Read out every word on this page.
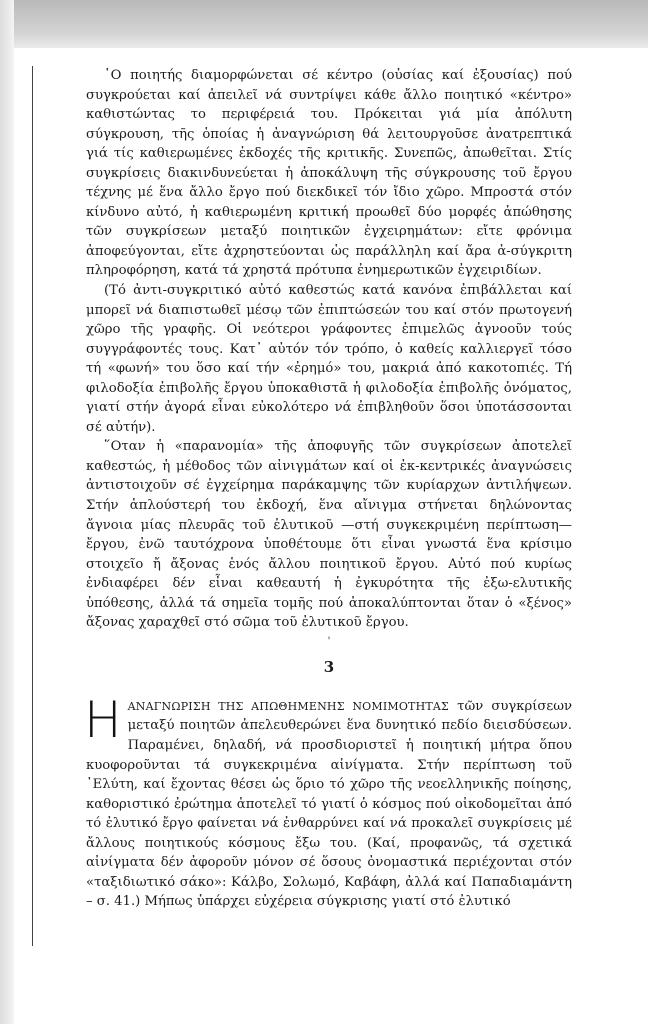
῾Ο ποιητής διαμορφώνεται σέ κέντρο (οὐσίας καί ἐξουσίας) πού συγκρούεται καί ἀπειλεῖ νά συντρίψει κάθε ἄλλο ποιητικό «κέντρο» καθιστώντας το περιφέρειά του. Πρόκειται γιά μία ἀπόλυτη σύγκρουση, τῆς ὁποίας ἡ ἀναγνώριση θά λειτουργοῦσε ἀνατρεπτικά γιά τίς καθιερωμένες ἐκδοχές τῆς κριτικῆς. Συνεπῶς, ἀπωθεῖται. Στίς συγκρίσεις διακινδυνεύεται ἡ ἀποκάλυψη τῆς σύγκρουσης τοῦ ἔργου τέχνης μέ ἕνα ἄλλο ἔργο πού διεκδικεῖ τόν ἴδιο χῶρο. Μπροστά στόν κίνδυνο αὐτό, ἡ καθιερωμένη κριτική προωθεῖ δύο μορφές ἀπώθησης τῶν συγκρίσεων μεταξύ ποιητικῶν ἐγχειρημάτων: εἴτε φρόνιμα ἀποφεύγονται, εἴτε ἀχρηστεύονται ὡς παράλληλη καί ἄρα ἀ-σύγκριτη πληροφόρηση, κατά τά χρηστά πρότυπα ἐνημερωτικῶν ἐγχειριδίων.

(Τό ἀντι-συγκριτικό αὐτό καθεστώς κατά κανόνα ἐπιβάλλεται καί μπορεῖ νά διαπιστωθεῖ μέσῳ τῶν ἐπιπτώσεών του καί στόν πρωτογενή χῶρο τῆς γραφῆς. Οἱ νεότεροι γράφοντες ἐπιμελῶς ἀγνοοῦν τούς συγγράφοντές τους. Κατ᾽ αὐτόν τόν τρόπο, ὁ καθείς καλλιεργεῖ τόσο τή «φωνή» του ὅσο καί τήν «ἐρημό» του, μακριά ἀπό κακοτοπιές. Τή φιλοδοξία ἐπιβολῆς ἔργου ὑποκαθιστᾶ ἡ φιλοδοξία ἐπιβολῆς ὀνόματος, γιατί στήν ἀγορά εἶναι εὐκολότερο νά ἐπιβληθοῦν ὅσοι ὑποτάσσονται σέ αὐτήν).

῞Οταν ἡ «παρανομία» τῆς ἀποφυγῆς τῶν συγκρίσεων ἀποτελεῖ καθεστώς, ἡ μέθοδος τῶν αἰνιγμάτων καί οἱ ἐκ-κεντρικές ἀναγνώσεις ἀντιστοιχοῦν σέ ἐγχείρημα παράκαμψης τῶν κυρίαρχων ἀντιλήψεων. Στήν ἁπλούστερή του ἐκδοχή, ἕνα αἴνιγμα στήνεται δηλώνοντας ἄγνοια μίας πλευρᾶς τοῦ ἐλυτικοῦ —στή συγκεκριμένη περίπτωση— ἔργου, ἐνῶ ταυτόχρονα ὑποθέτουμε ὅτι εἶναι γνωστά ἕνα κρίσιμο στοιχεῖο ἤ ἄξονας ἑνός ἄλλου ποιητικοῦ ἔργου. Αὐτό πού κυρίως ἐνδιαφέρει δέν εἶναι καθεαυτή ἡ ἐγκυρότητα τῆς ἐξω-ελυτικῆς ὑπόθεσης, ἀλλά τά σημεῖα τομῆς πού ἀποκαλύπτονται ὅταν ὁ «ξένος» ἄξονας χαραχθεῖ στό σῶμα τοῦ ἐλυτικοῦ ἔργου.

'
3

ΗΑΝΑΓΝΩΡΙΣΗ ΤΗΣ ΑΠΩΘΗΜΕΝΗΣ ΝΟΜΙΜΟΤΗΤΑΣ τῶν συγκρίσεων μεταξύ ποιητῶν ἀπελευθερώνει ἕνα δυνητικό πεδίο διεισδύσεων. Παραμένει, δηλαδή, νά προσδιοριστεῖ ἡ ποιητική μήτρα ὅπου κυοφοροῦνται τά συγκεκριμένα αἰνίγματα. Στήν περίπτωση τοῦ ᾽Ελύτη, καί ἔχοντας θέσει ὡς ὅριο τό χῶρο τῆς νεοελληνικῆς ποίησης, καθοριστικό ἐρώτημα ἀποτελεῖ τό γιατί ὁ κόσμος πού οἰκοδομεῖται ἀπό τό ἐλυτικό ἔργο φαίνεται νά ἐνθαρρύνει καί νά προκαλεῖ συγκρίσεις μέ ἄλλους ποιητικούς κόσμους ἔξω του. (Καί, προφανῶς, τά σχετικά αἰνίγματα δέν ἀφοροῦν μόνον σέ ὅσους ὀνομαστικά περιέχονται στόν «ταξιδιωτικό σάκο»: Κάλβο, Σολωμό, Καβάφη, ἀλλά καί Παπαδιαμάντη – σ. 41.) Μήπως ὑπάρχει εὐχέρεια σύγκρισης γιατί στό ἐλυτικό
